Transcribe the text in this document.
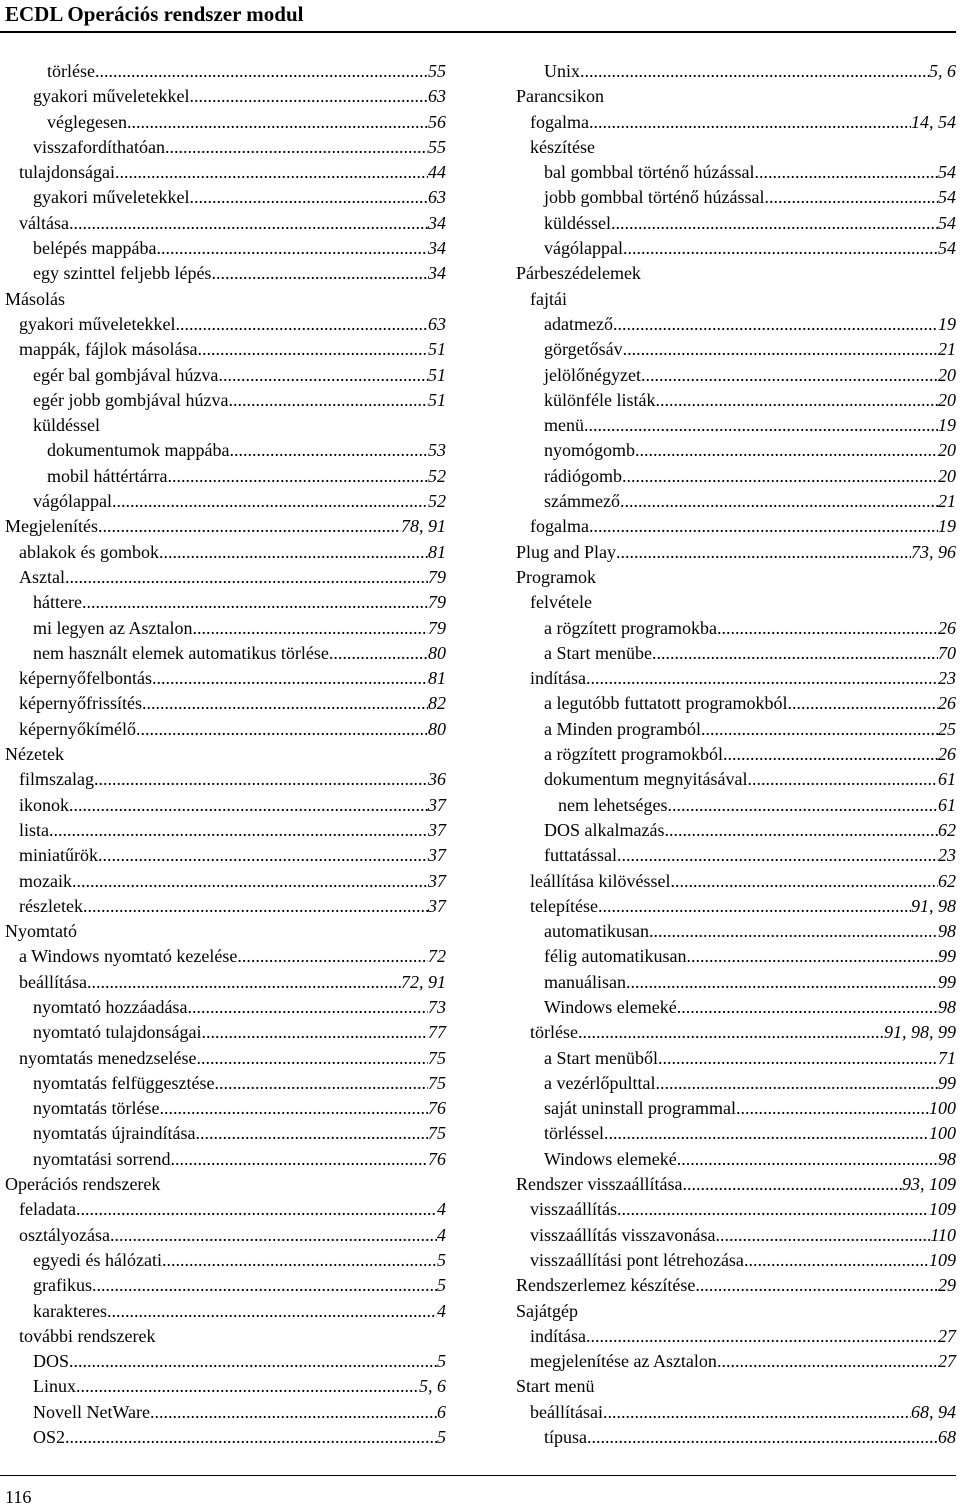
ECDL Operációs rendszer modul
törlése .....	55
gyakori műveletekkel .....	63
véglegesen .....	56
visszafordíthatóan .....	55
tulajdonságai .....	44
gyakori műveletekkel .....	63
váltása .....	34
belépés mappába .....	34
egy szinttel feljebb lépés .....	34
Másolás
gyakori műveletekkel .....	63
mappák, fájlok másolása .....	51
egér bal gombjával húzva .....	51
egér jobb gombjával húzva .....	51
küldéssel
dokumentumok mappába .....	53
mobil háttértárra .....	52
vágólappal .....	52
Megjelenítés .....	78, 91
ablakok és gombok .....	81
Asztal .....	79
háttere .....	79
mi legyen az Asztalon .....	79
nem használt elemek automatikus törlése .....	80
képernyőfelbontás .....	81
képernyőfrissítés .....	82
képernyőkímélő .....	80
Nézetek
filmszalag .....	36
ikonok .....	37
lista .....	37
miniatűrök .....	37
mozaik .....	37
részletek .....	37
Nyomtató
a Windows nyomtató kezelése .....	72
beállítása .....	72, 91
nyomtató hozzáadása .....	73
nyomtató tulajdonságai .....	77
nyomtatás menedzselése .....	75
nyomtatás felfüggesztése .....	75
nyomtatás törlése .....	76
nyomtatás újraindítása .....	75
nyomtatási sorrend .....	76
Operációs rendszerek
feladata .....	4
osztályozása .....	4
egyedi és hálózati .....	5
grafikus .....	5
karakteres .....	4
további rendszerek
DOS .....	5
Linux .....	5, 6
Novell NetWare .....	6
OS2 .....	5
Unix .....	5, 6
Parancsikon
fogalma .....	14, 54
készítése
bal gombbal történő húzással .....	54
jobb gombbal történő húzással .....	54
küldéssel .....	54
vágólappal .....	54
Párbeszédelemek
fajtái
adatmező .....	19
görgetősáv .....	21
jelölőnégyzet .....	20
különféle listák .....	20
menü .....	19
nyomógomb .....	20
rádiógomb .....	20
számmező .....	21
fogalma .....	19
Plug and Play .....	73, 96
Programok
felvétele
a rögzített programokba .....	26
a Start menübe .....	70
indítása .....	23
a legutóbb futtatott programokból .....	26
a Minden programból .....	25
a rögzített programokból .....	26
dokumentum megnyitásával .....	61
nem lehetséges .....	61
DOS alkalmazás .....	62
futtatással .....	23
leállítása kilövéssel .....	62
telepítése .....	91, 98
automatikusan .....	98
félig automatikusan .....	99
manuálisan .....	99
Windows elemeké .....	98
törlése .....	91, 98, 99
a Start menüből .....	71
a vezérlőpulttal .....	99
saját uninstall programmal .....	100
törléssel .....	100
Windows elemeké .....	98
Rendszer visszaállítása .....	93, 109
visszaállítás .....	109
visszaállítás visszavonása .....	110
visszaállítási pont létrehozása .....	109
Rendszerlemez készítése .....	29
Sajátgép
indítása .....	27
megjelenítése az Asztalon .....	27
Start menü
beállításai .....	68, 94
típusa .....	68
116
